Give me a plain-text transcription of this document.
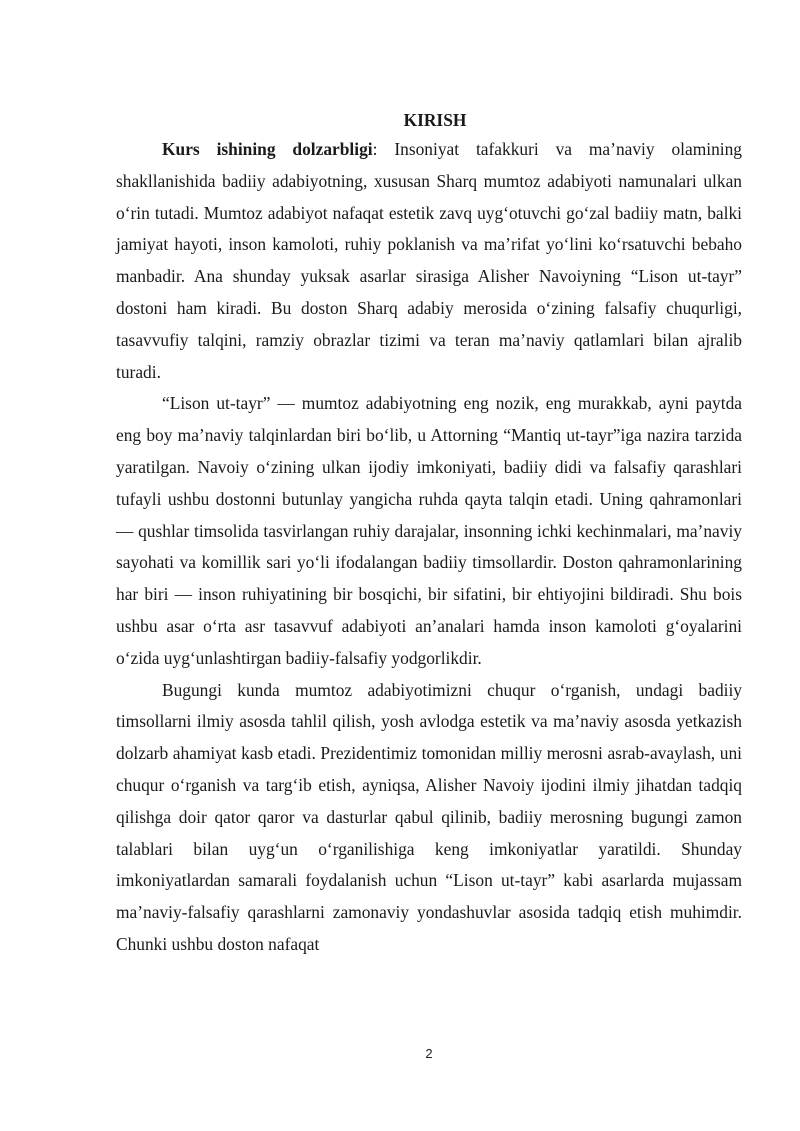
KIRISH

Kurs ishining dolzarbligi: Insoniyat tafakkuri va ma’naviy olamining shakllanishida badiiy adabiyotning, xususan Sharq mumtoz adabiyoti namunalari ulkan o‘rin tutadi. Mumtoz adabiyot nafaqat estetik zavq uyg‘otuvchi go‘zal badiiy matn, balki jamiyat hayoti, inson kamoloti, ruhiy poklanish va ma’rifat yo‘lini ko‘rsatuvchi bebaho manbadir. Ana shunday yuksak asarlar sirasiga Alisher Navoiyning “Lison ut-tayr” dostoni ham kiradi. Bu doston Sharq adabiy merosida o‘zining falsafiy chuqurligi, tasavvufiy talqini, ramziy obrazlar tizimi va teran ma’naviy qatlamlari bilan ajralib turadi.

“Lison ut-tayr” — mumtoz adabiyotning eng nozik, eng murakkab, ayni paytda eng boy ma’naviy talqinlardan biri bo‘lib, u Attorning “Mantiq ut-tayr”iga nazira tarzida yaratilgan. Navoiy o‘zining ulkan ijodiy imkoniyati, badiiy didi va falsafiy qarashlari tufayli ushbu dostonni butunlay yangicha ruhda qayta talqin etadi. Uning qahramonlari — qushlar timsolida tasvirlangan ruhiy darajalar, insonning ichki kechinmalari, ma’naviy sayohati va komillik sari yo‘li ifodalangan badiiy timsollardir. Doston qahramonlarining har biri — inson ruhiyatining bir bosqichi, bir sifatini, bir ehtiyojini bildiradi. Shu bois ushbu asar o‘rta asr tasavvuf adabiyoti an’analari hamda inson kamoloti g‘oyalarini o‘zida uyg‘unlashtirgan badiiy-falsafiy yodgorlikdir.

Bugungi kunda mumtoz adabiyotimizni chuqur o‘rganish, undagi badiiy timsollarni ilmiy asosda tahlil qilish, yosh avlodga estetik va ma’naviy asosda yetkazish dolzarb ahamiyat kasb etadi. Prezidentimiz tomonidan milliy merosni asrab-avaylash, uni chuqur o‘rganish va targ‘ib etish, ayniqsa, Alisher Navoiy ijodini ilmiy jihatdan tadqiq qilishga doir qator qaror va dasturlar qabul qilinib, badiiy merosning bugungi zamon talablari bilan uyg‘un o‘rganilishiga keng imkoniyatlar yaratildi. Shunday imkoniyatlardan samarali foydalanish uchun “Lison ut-tayr” kabi asarlarda mujassam ma’naviy-falsafiy qarashlarni zamonaviy yondashuvlar asosida tadqiq etish muhimdir. Chunki ushbu doston nafaqat

2
